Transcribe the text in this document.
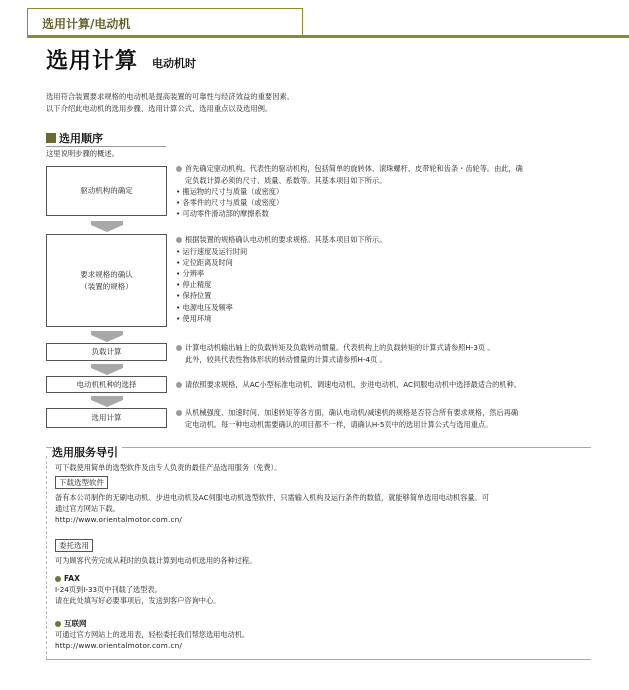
选用计算/电动机
选用计算 电动机时
选用符合装置要求规格的电动机是提高装置的可靠性与经济效益的重要因素。
以下介绍此电动机的选用步骤、选用计算公式、选用重点以及选用例。
选用顺序
这里说明步骤的概述。
驱动机构的确定
要求规格的确认
（装置的规格）
负载计算
电动机机种的选择
选用计算
首先确定驱动机构。代表性的驱动机构，包括简单的旋转体、滚珠螺杆、皮带轮和齿条・齿轮等。由此，确
定负载计算必须的尺寸、质量、系数等。其基本项目如下所示。
• 搬运物的尺寸与质量（或密度）
• 各零件的尺寸与质量（或密度）
• 可动零件滑动部的摩擦系数
根据装置的规格确认电动机的要求规格。其基本项目如下所示。
• 运行速度及运行时间
• 定位距离及时间
• 分辨率
• 停止精度
• 保持位置
• 电源电压及频率
• 使用环境
计算电动机输出轴上的负载转矩及负载转动惯量。代表机构上的负载转矩的计算式请参照H-3页 。
此外，较具代表性物体形状的转动惯量的计算式请参照H-4页 。
请依照要求规格，从AC小型标准电动机、调速电动机、步进电动机、AC伺服电动机中选择最适合的机种。
从机械强度、加速时间、加速转矩等各方面，确认电动机/减速机的规格是否符合所有要求规格，然后再确
定电动机。每一种电动机需要确认的项目都不一样，请确认H-5页中的选用计算公式与选用重点。
选用服务导引
可下载使用简单的选型软件及由专人负责的最佳产品选用服务（免费）。
下载选型软件
备有本公司制作的无刷电动机、步进电动机及AC伺服电动机选型软件，只需输入机构及运行条件的数值，就能够简单选用电动机容量。可
通过官方网站下载。
http://www.orientalmotor.com.cn/
委托选用
可为顾客代劳完成从耗时的负载计算到电动机选用的各种过程。
FAX
I-24页到I-33页中刊载了选型表。
请在此处填写好必要事项后，发送到客户咨询中心。
互联网
可通过官方网站上的选用表，轻松委托我们帮您选用电动机。
http://www.orientalmotor.com.cn/
